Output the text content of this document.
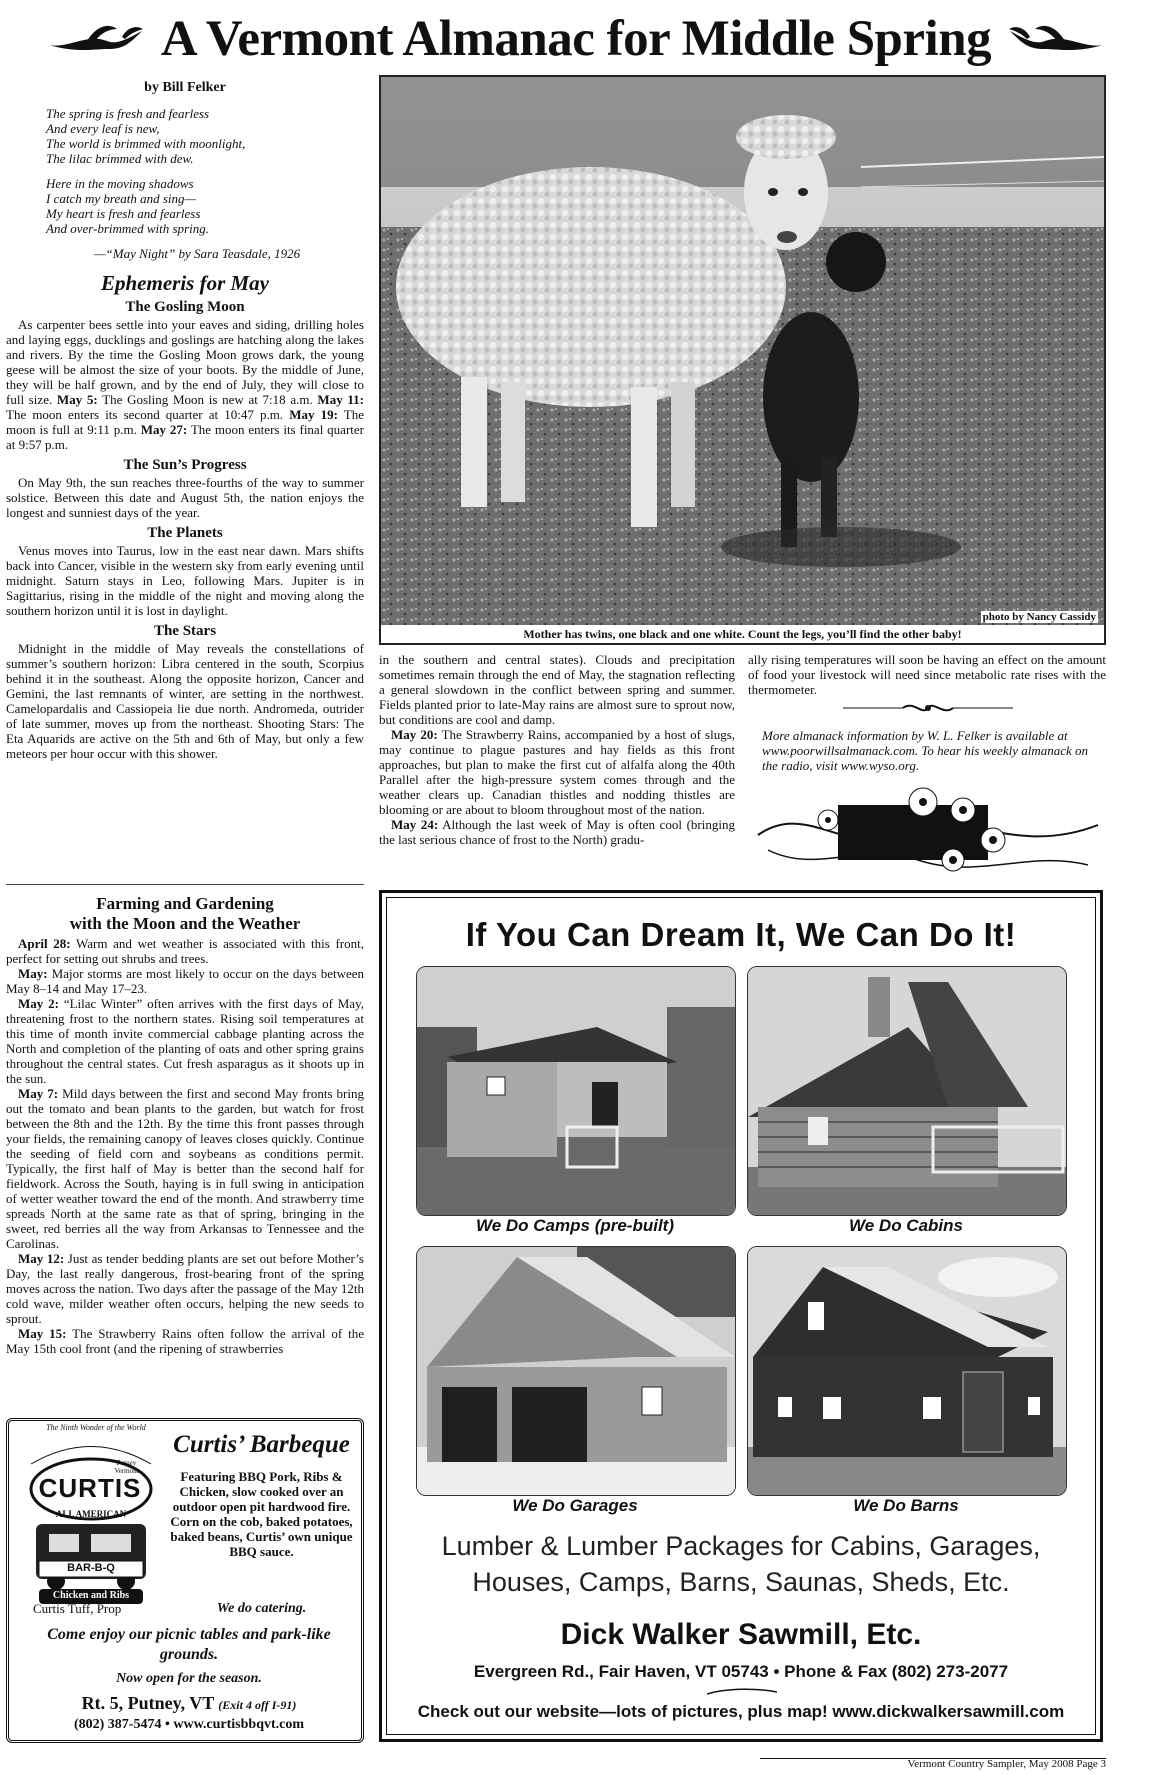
A Vermont Almanac for Middle Spring
by Bill Felker
The spring is fresh and fearless
And every leaf is new,
The world is brimmed with moonlight,
The lilac brimmed with dew.
Here in the moving shadows
I catch my breath and sing—
My heart is fresh and fearless
And over-brimmed with spring.
—“May Night” by Sara Teasdale, 1926
Ephemeris for May
The Gosling Moon

As carpenter bees settle into your eaves and siding, drilling holes and laying eggs, ducklings and goslings are hatching along the lakes and rivers. By the time the Gosling Moon grows dark, the young geese will be almost the size of your boots. By the middle of June, they will be half grown, and by the end of July, they will close to full size. May 5: The Gosling Moon is new at 7:18 a.m. May 11: The moon enters its second quarter at 10:47 p.m. May 19: The moon is full at 9:11 p.m. May 27: The moon enters its final quarter at 9:57 p.m.

The Sun’s Progress

On May 9th, the sun reaches three-fourths of the way to summer solstice. Between this date and August 5th, the nation enjoys the longest and sunniest days of the year.

The Planets

Venus moves into Taurus, low in the east near dawn. Mars shifts back into Cancer, visible in the western sky from early evening until midnight. Saturn stays in Leo, following Mars. Jupiter is in Sagittarius, rising in the middle of the night and moving along the southern horizon until it is lost in daylight.

The Stars

Midnight in the middle of May reveals the constellations of summer’s southern horizon: Libra centered in the south, Scorpius behind it in the southeast. Along the opposite horizon, Cancer and Gemini, the last remnants of winter, are setting in the northwest. Camelopardalis and Cassiopeia lie due north. Andromeda, outrider of late summer, moves up from the northeast. Shooting Stars: The Eta Aquarids are active on the 5th and 6th of May, but only a few meteors per hour occur with this shower.

Farming and Gardening
with the Moon and the Weather

April 28: Warm and wet weather is associated with this front, perfect for setting out shrubs and trees.

May: Major storms are most likely to occur on the days between May 8–14 and May 17–23.

May 2: “Lilac Winter” often arrives with the first days of May, threatening frost to the northern states. Rising soil temperatures at this time of month invite commercial cabbage planting across the North and completion of the planting of oats and other spring grains throughout the central states. Cut fresh asparagus as it shoots up in the sun.

May 7: Mild days between the first and second May fronts bring out the tomato and bean plants to the garden, but watch for frost between the 8th and the 12th. By the time this front passes through your fields, the remaining canopy of leaves closes quickly. Continue the seeding of field corn and soybeans as conditions permit. Typically, the first half of May is better than the second half for fieldwork. Across the South, haying is in full swing in anticipation of wetter weather toward the end of the month. And strawberry time spreads North at the same rate as that of spring, bringing in the sweet, red berries all the way from Arkansas to Tennessee and the Carolinas.

May 12: Just as tender bedding plants are set out before Mother’s Day, the last really dangerous, frost-bearing front of the spring moves across the nation. Two days after the passage of the May 12th cold wave, milder weather often occurs, helping the new seeds to sprout.

May 15: The Strawberry Rains often follow the arrival of the May 15th cool front (and the ripening of strawberries

photo by Nancy Cassidy
Mother has twins, one black and one white. Count the legs, you’ll find the other baby!

in the southern and central states). Clouds and precipitation sometimes remain through the end of May, the stagnation reflecting a general slowdown in the conflict between spring and summer. Fields planted prior to late-May rains are almost sure to sprout now, but conditions are cool and damp.

May 20: The Strawberry Rains, accompanied by a host of slugs, may continue to plague pastures and hay fields as this front approaches, but plan to make the first cut of alfalfa along the 40th Parallel after the high-pressure system comes through and the weather clears up. Canadian thistles and nodding thistles are blooming or are about to bloom throughout most of the nation.

May 24: Although the last week of May is often cool (bringing the last serious chance of frost to the North) gradu-

ally rising temperatures will soon be having an effect on the amount of food your livestock will need since metabolic rate rises with the thermometer.
More almanack information by W. L. Felker is available at www.poorwillsalmanack.com. To hear his weekly almanack on the radio, visit www.wyso.org.
The Ninth Wonder of the World
CURTIS
Putney Vermont
ALL AMERICAN
BAR-B-Q
Chicken and Ribs
Curtis’ Barbeque
Featuring BBQ Pork, Ribs & Chicken, slow cooked over an outdoor open pit hardwood fire. Corn on the cob, baked potatoes, baked beans, Curtis’ own unique BBQ sauce.
Curtis Tuff, Prop	We do catering.
Come enjoy our picnic tables and park-like grounds.
Now open for the season.
Rt. 5, Putney, VT (Exit 4 off I-91)
(802) 387-5474 • www.curtisbbqvt.com
If You Can Dream It, We Can Do It!
We Do Camps (pre-built)	We Do Cabins
We Do Garages	We Do Barns
Lumber & Lumber Packages for Cabins, Garages,
Houses, Camps, Barns, Saunas, Sheds, Etc.
Dick Walker Sawmill, Etc.
Evergreen Rd., Fair Haven, VT 05743 • Phone & Fax (802) 273-2077
Check out our website—lots of pictures, plus map! www.dickwalkersawmill.com
Vermont Country Sampler, May 2008 Page 3
